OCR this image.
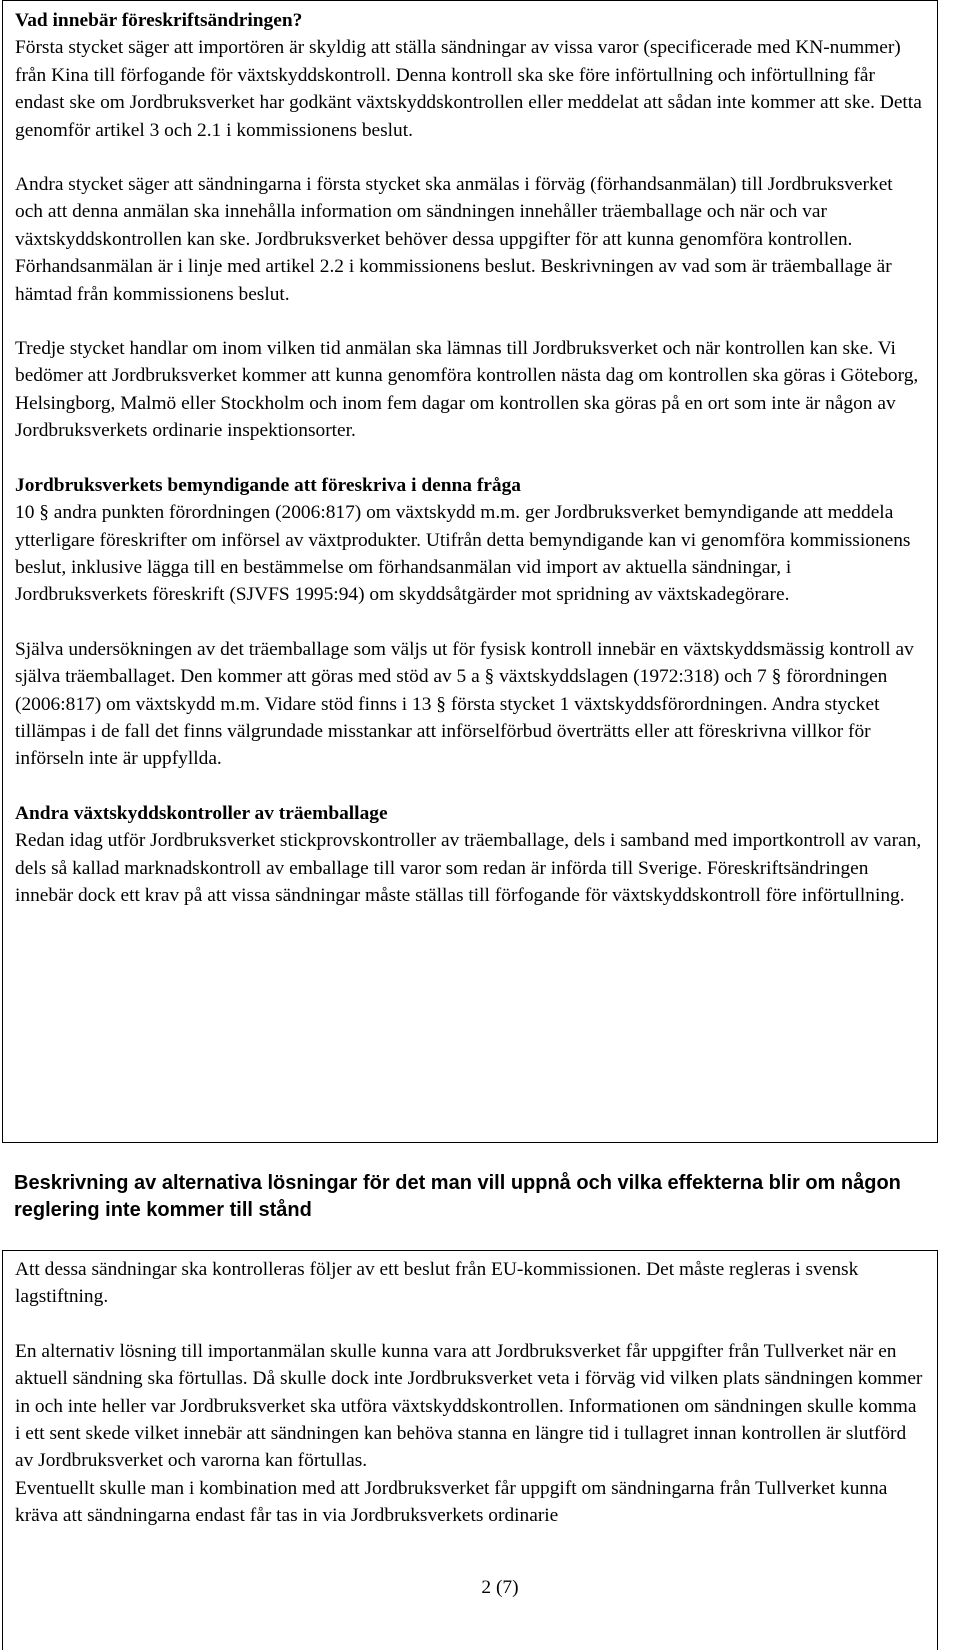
Vad innebär föreskriftsändringen?

Första stycket säger att importören är skyldig att ställa sändningar av vissa varor (specificerade med KN-nummer) från Kina till förfogande för växtskyddskontroll. Denna kontroll ska ske före införtullning och införtullning får endast ske om Jordbruksverket har godkänt växtskyddskontrollen eller meddelat att sådan inte kommer att ske. Detta genomför artikel 3 och 2.1 i kommissionens beslut.

Andra stycket säger att sändningarna i första stycket ska anmälas i förväg (förhandsanmälan) till Jordbruksverket och att denna anmälan ska innehålla information om sändningen innehåller träemballage och när och var växtskyddskontrollen kan ske. Jordbruksverket behöver dessa uppgifter för att kunna genomföra kontrollen. Förhandsanmälan är i linje med artikel 2.2 i kommissionens beslut. Beskrivningen av vad som är träemballage är hämtad från kommissionens beslut.

Tredje stycket handlar om inom vilken tid anmälan ska lämnas till Jordbruksverket och när kontrollen kan ske. Vi bedömer att Jordbruksverket kommer att kunna genomföra kontrollen nästa dag om kontrollen ska göras i Göteborg, Helsingborg, Malmö eller Stockholm och inom fem dagar om kontrollen ska göras på en ort som inte är någon av Jordbruksverkets ordinarie inspektionsorter.

Jordbruksverkets bemyndigande att föreskriva i denna fråga

10 § andra punkten förordningen (2006:817) om växtskydd m.m. ger Jordbruksverket bemyndigande att meddela ytterligare föreskrifter om införsel av växtprodukter. Utifrån detta bemyndigande kan vi genomföra kommissionens beslut, inklusive lägga till en bestämmelse om förhandsanmälan vid import av aktuella sändningar, i Jordbruksverkets föreskrift (SJVFS 1995:94) om skyddsåtgärder mot spridning av växtskadegörare.

Själva undersökningen av det träemballage som väljs ut för fysisk kontroll innebär en växtskyddsmässig kontroll av själva träemballaget. Den kommer att göras med stöd av 5 a § växtskyddslagen (1972:318) och 7 § förordningen (2006:817) om växtskydd m.m. Vidare stöd finns i 13 § första stycket 1 växtskyddsförordningen. Andra stycket tillämpas i de fall det finns välgrundade misstankar att införselförbud överträtts eller att föreskrivna villkor för införseln inte är uppfyllda.

Andra växtskyddskontroller av träemballage

Redan idag utför Jordbruksverket stickprovskontroller av träemballage, dels i samband med importkontroll av varan, dels så kallad marknadskontroll av emballage till varor som redan är införda till Sverige. Föreskriftsändringen innebär dock ett krav på att vissa sändningar måste ställas till förfogande för växtskyddskontroll före införtullning.

Beskrivning av alternativa lösningar för det man vill uppnå och vilka effekterna blir om någon reglering inte kommer till stånd

Att dessa sändningar ska kontrolleras följer av ett beslut från EU-kommissionen. Det måste regleras i svensk lagstiftning.

En alternativ lösning till importanmälan skulle kunna vara att Jordbruksverket får uppgifter från Tullverket när en aktuell sändning ska förtullas. Då skulle dock inte Jordbruksverket veta i förväg vid vilken plats sändningen kommer in och inte heller var Jordbruksverket ska utföra växtskyddskontrollen. Informationen om sändningen skulle komma i ett sent skede vilket innebär att sändningen kan behöva stanna en längre tid i tullagret innan kontrollen är slutförd av Jordbruksverket och varorna kan förtullas.

Eventuellt skulle man i kombination med att Jordbruksverket får uppgift om sändningarna från Tullverket kunna kräva att sändningarna endast får tas in via Jordbruksverkets ordinarie

2 (7)
